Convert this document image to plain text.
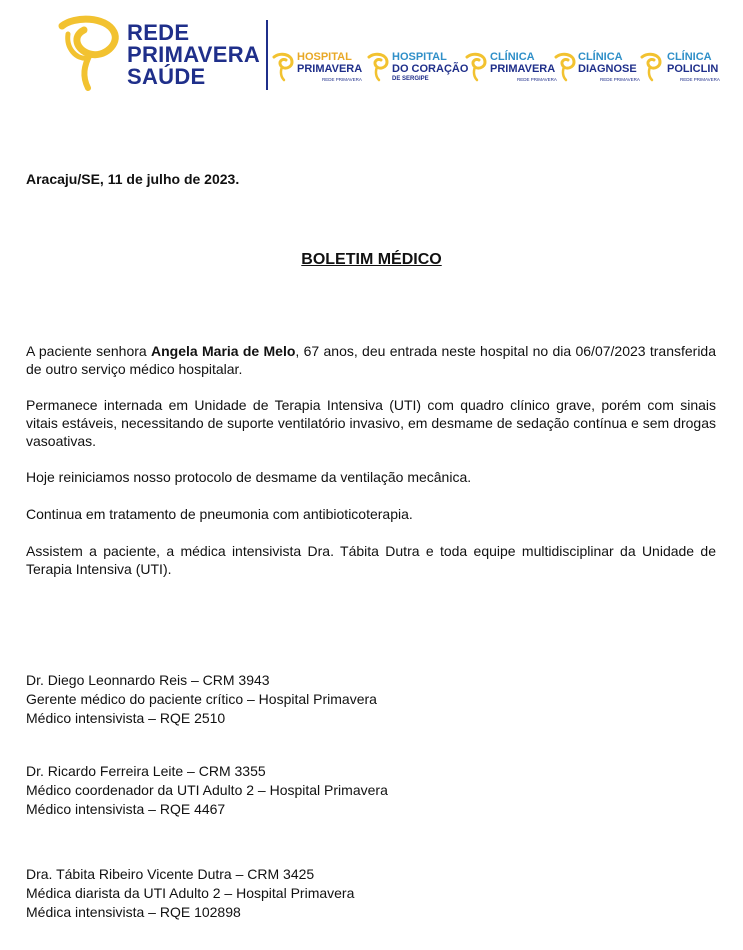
REDE
PRIMAVERA
SAÚDE
HOSPITAL
PRIMAVERA
REDE PRIMAVERA
HOSPITAL
DO CORAÇÃO
DE SERGIPE
CLÍNICA
PRIMAVERA
REDE PRIMAVERA
CLÍNICA
DIAGNOSE
REDE PRIMAVERA
CLÍNICA
POLICLIN
REDE PRIMAVERA
Aracaju/SE, 11 de julho de 2023.
BOLETIM MÉDICO

A paciente senhora Angela Maria de Melo, 67 anos, deu entrada neste hospital no dia 06/07/2023 transferida de outro serviço médico hospitalar.

Permanece internada em Unidade de Terapia Intensiva (UTI) com quadro clínico grave, porém com sinais vitais estáveis, necessitando de suporte ventilatório invasivo, em desmame de sedação contínua e sem drogas vasoativas.

Hoje reiniciamos nosso protocolo de desmame da ventilação mecânica.

Continua em tratamento de pneumonia com antibioticoterapia.

Assistem a paciente, a médica intensivista Dra. Tábita Dutra e toda equipe multidisciplinar da Unidade de Terapia Intensiva (UTI).

Dr. Diego Leonnardo Reis – CRM 3943
Gerente médico do paciente crítico – Hospital Primavera
Médico intensivista – RQE 2510
Dr. Ricardo Ferreira Leite – CRM 3355
Médico coordenador da UTI Adulto 2 – Hospital Primavera
Médico intensivista – RQE 4467
Dra. Tábita Ribeiro Vicente Dutra – CRM 3425
Médica diarista da UTI Adulto 2 – Hospital Primavera
Médica intensivista – RQE 102898
